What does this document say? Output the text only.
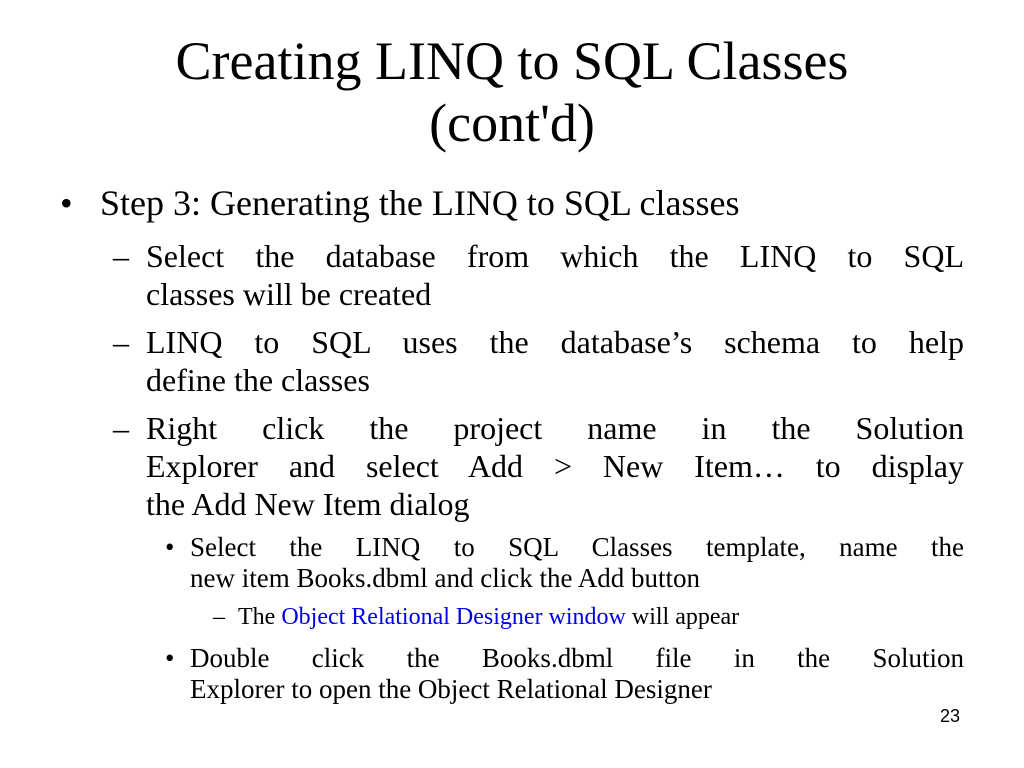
Creating LINQ to SQL Classes
(cont'd)
• Step 3: Generating the LINQ to SQL classes
– Select the database from which the LINQ to SQL
classes will be created
– LINQ to SQL uses the database’s schema to help
define the classes
– Right click the project name in the Solution
Explorer and select Add > New Item… to display
the Add New Item dialog
• Select the LINQ to SQL Classes template, name the
new item Books.dbml and click the Add button
– The Object Relational Designer window will appear
• Double click the Books.dbml file in the Solution
Explorer to open the Object Relational Designer
23
